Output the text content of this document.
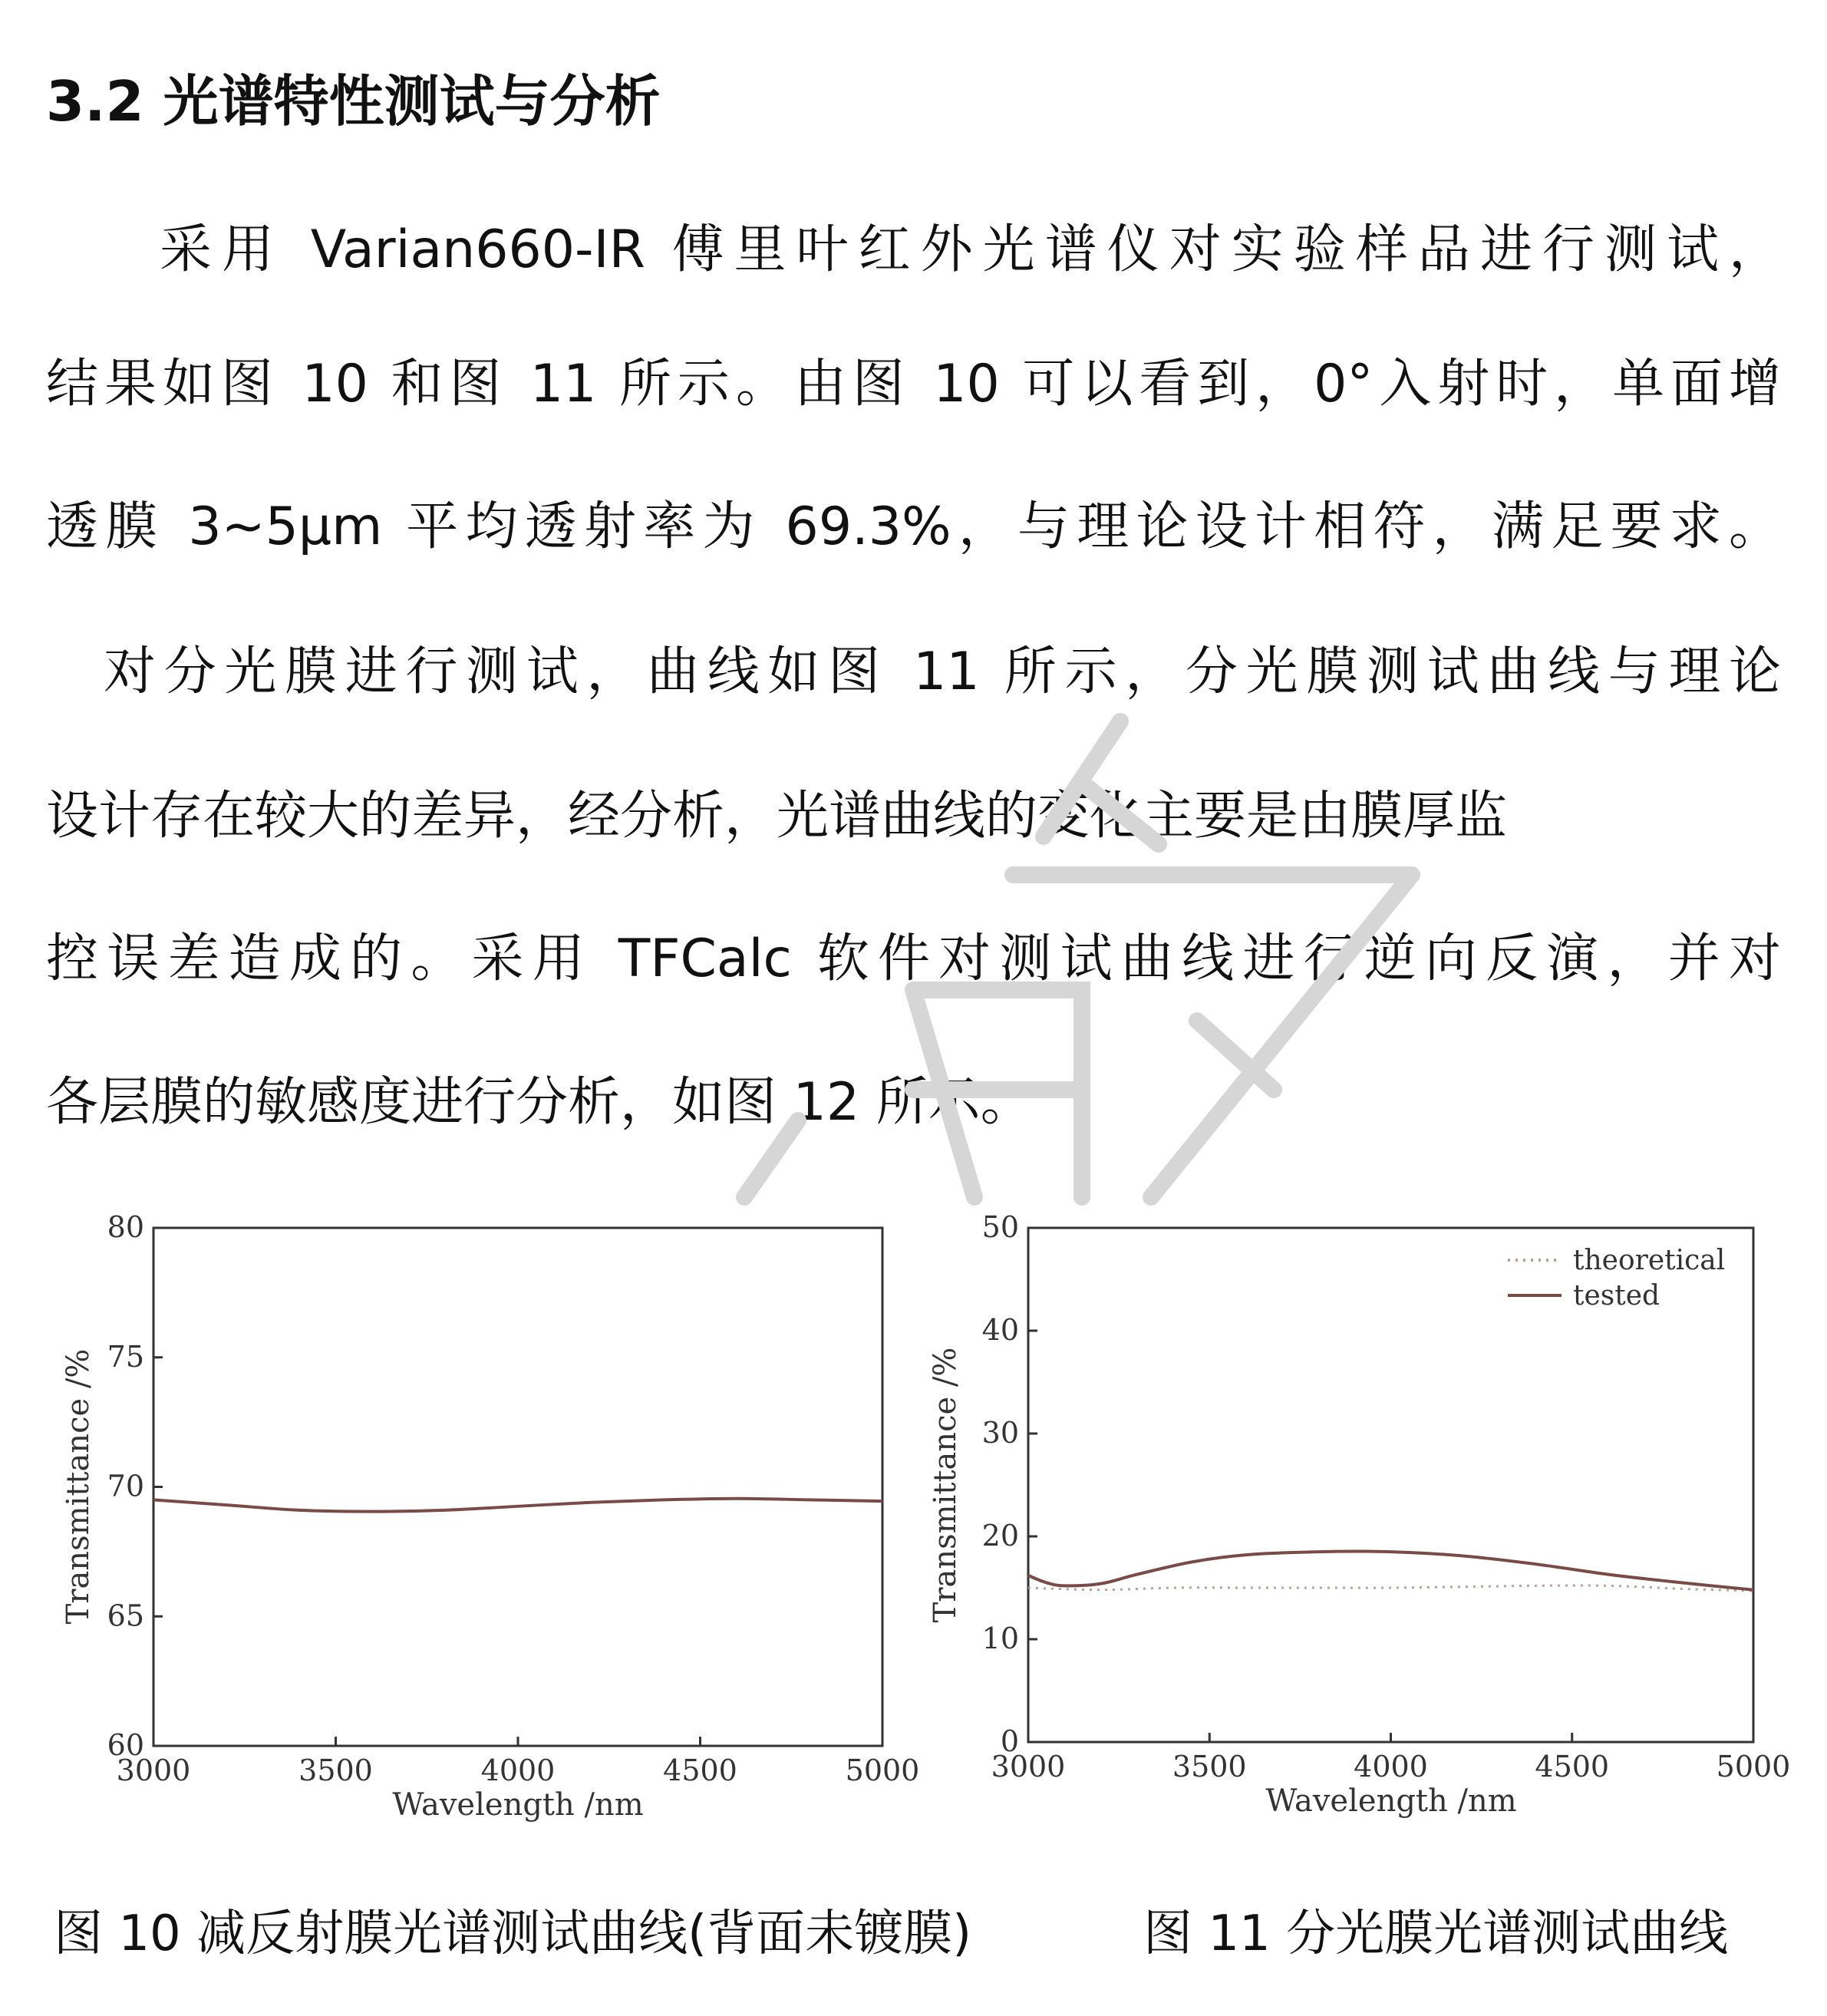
3.2 光谱特性测试与分析
采用 Varian660-IR 傅里叶红外光谱仪对实验样品进行测试，
结果如图 10 和图 11 所示。由图 10 可以看到，0°入射时，单面增
透膜 3~5μm 平均透射率为 69.3%，与理论设计相符，满足要求。
对分光膜进行测试，曲线如图 11 所示，分光膜测试曲线与理论
设计存在较大的差异，经分析，光谱曲线的变化主要是由膜厚监
控误差造成的。采用 TFCalc 软件对测试曲线进行逆向反演，并对
各层膜的敏感度进行分析，如图 12 所示。
60
65
70
75
80
3000	3500	4000	4500	5000
Wavelength /nm
Transmittance /%
0
10
20
30
40
50
3000	3500	4000	4500	5000
theoretical
tested
Wavelength /nm
Transmittance /%
图 10 减反射膜光谱测试曲线(背面未镀膜)	图 11 分光膜光谱测试曲线
